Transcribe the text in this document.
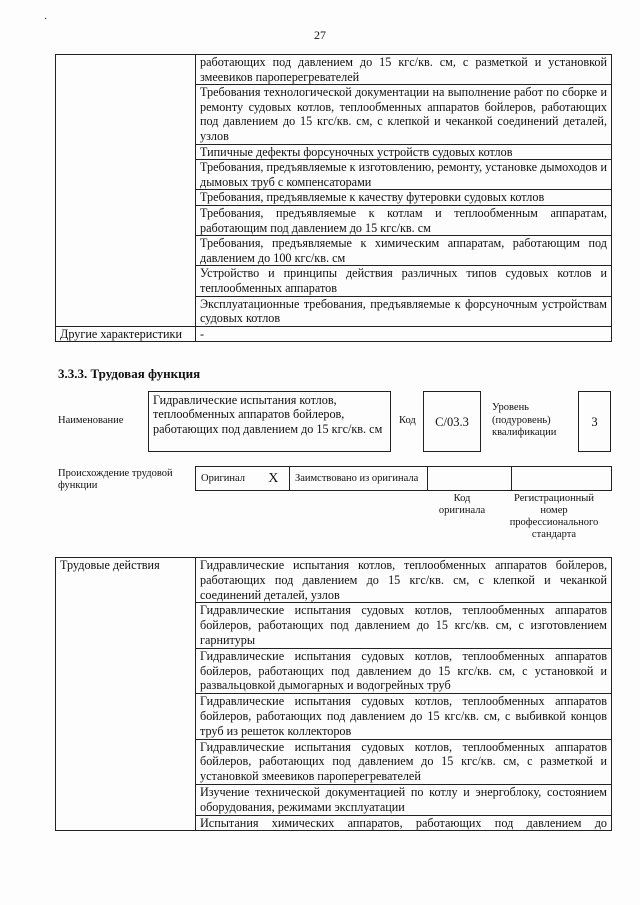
·
27
	работающих под давлением до 15 кгс/кв. см, с разметкой и установкой змеевиков пароперегревателей
	Требования технологической документации на выполнение работ по сборке и ремонту судовых котлов, теплообменных аппаратов бойлеров, работающих под давлением до 15 кгс/кв. см, с клепкой и чеканкой соединений деталей, узлов
	Типичные дефекты форсуночных устройств судовых котлов
	Требования, предъявляемые к изготовлению, ремонту, установке дымоходов и дымовых труб с компенсаторами
	Требования, предъявляемые к качеству футеровки судовых котлов
	Требования, предъявляемые к котлам и теплообменным аппаратам, работающим под давлением до 15 кгс/кв. см
	Требования, предъявляемые к химическим аппаратам, работающим под давлением до 100 кгс/кв. см
	Устройство и принципы действия различных типов судовых котлов и теплообменных аппаратов
	Эксплуатационные требования, предъявляемые к форсуночным устройствам судовых котлов
Другие характеристики	-
3.3.3. Трудовая функция
Наименование
Гидравлические испытания котлов, теплообменных аппаратов бойлеров, работающих под давлением до 15 кгс/кв. см
Код	C/03.3
Уровень (подуровень) квалификации
3
Происхождение трудовой функции
Оригинал	X	Заимствовано из оригинала		
Код оригинала
Регистрационный номер профессионального стандарта
Трудовые действия	Гидравлические испытания котлов, теплообменных аппаратов бойлеров, работающих под давлением до 15 кгс/кв. см, с клепкой и чеканкой соединений деталей, узлов
Гидравлические испытания судовых котлов, теплообменных аппаратов бойлеров, работающих под давлением до 15 кгс/кв. см, с изготовлением гарнитуры
Гидравлические испытания судовых котлов, теплообменных аппаратов бойлеров, работающих под давлением до 15 кгс/кв. см, с установкой и развальцовкой дымогарных и водогрейных труб
Гидравлические испытания судовых котлов, теплообменных аппаратов бойлеров, работающих под давлением до 15 кгс/кв. см, с выбивкой концов труб из решеток коллекторов
Гидравлические испытания судовых котлов, теплообменных аппаратов бойлеров, работающих под давлением до 15 кгс/кв. см, с разметкой и установкой змеевиков пароперегревателей
Изучение технической документацией по котлу и энергоблоку, состоянием оборудования, режимами эксплуатации
Испытания химических аппаратов, работающих под давлением до
